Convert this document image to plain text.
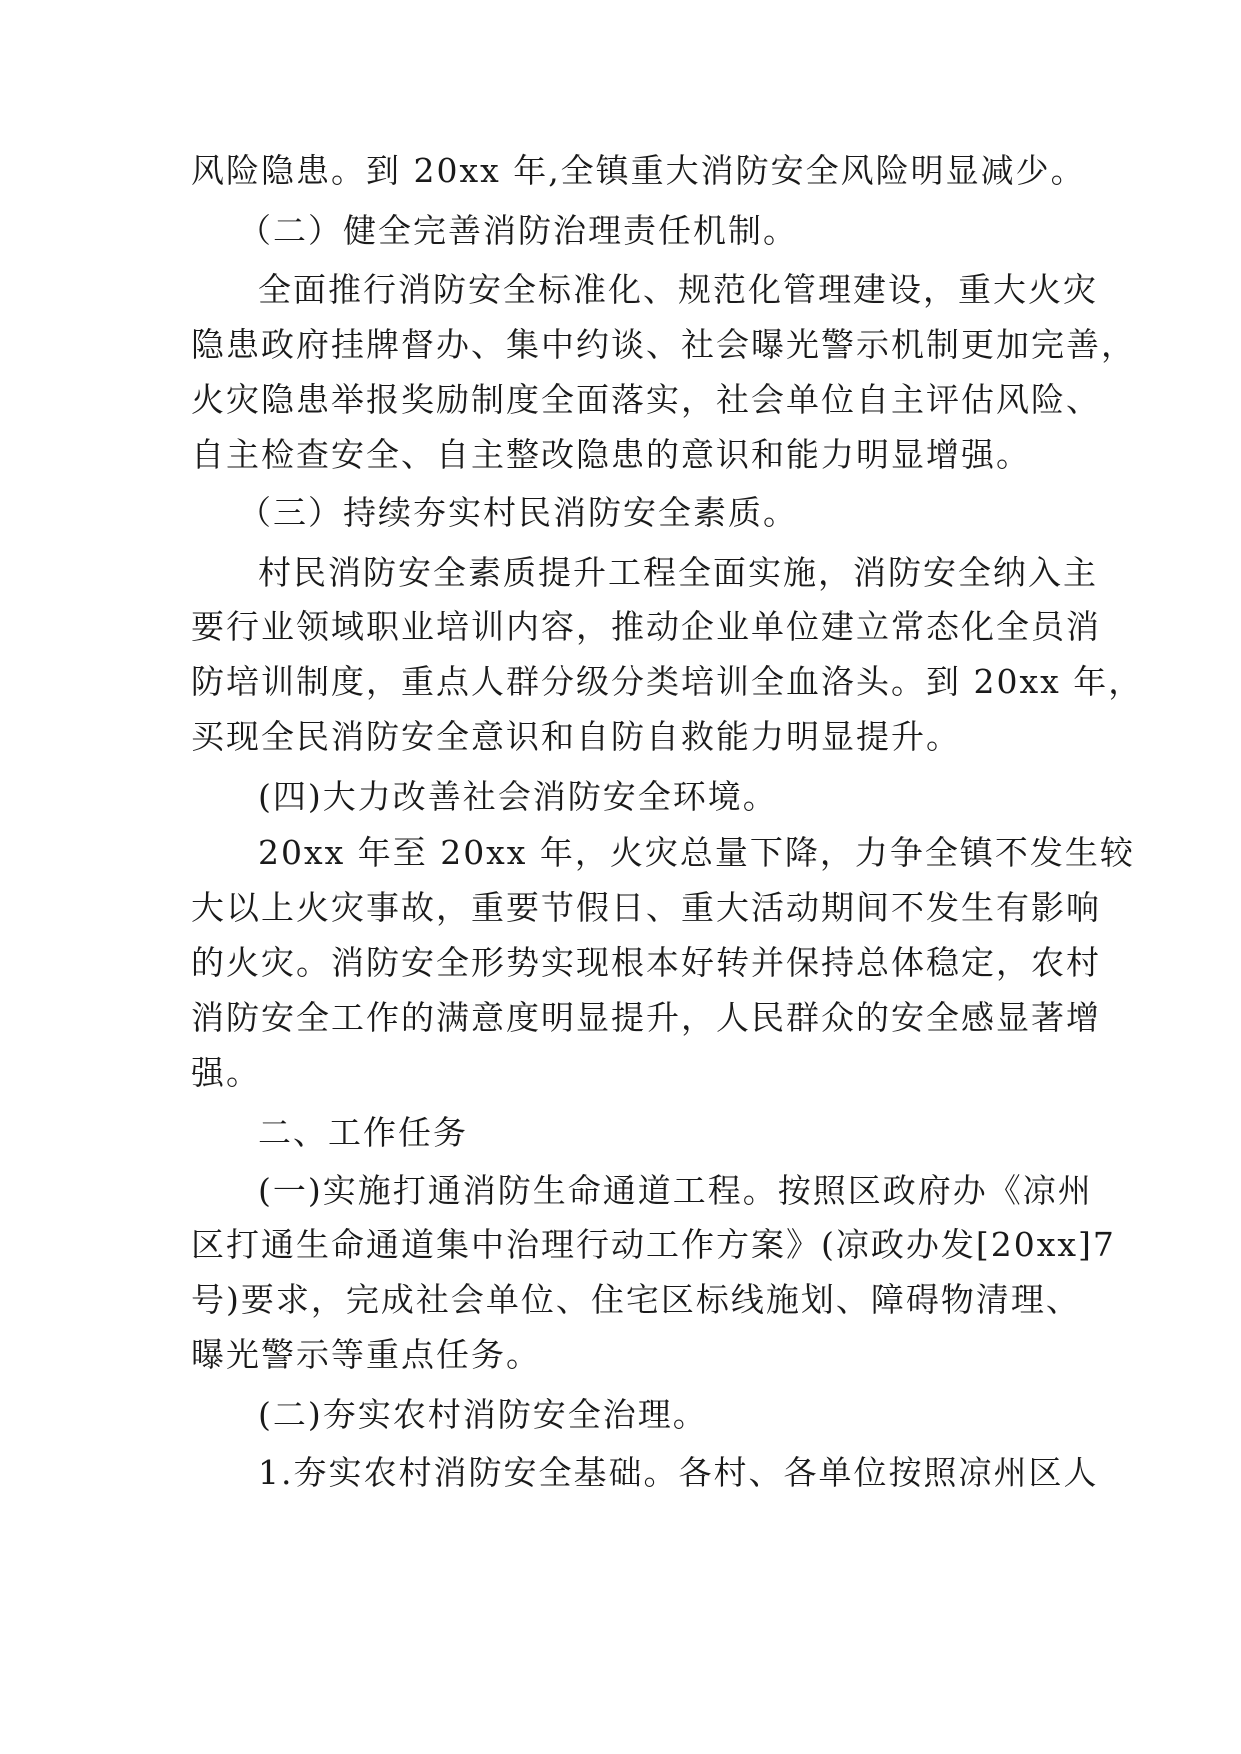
风险隐患。到 20xx 年,全镇重大消防安全风险明显减少。
（二）健全完善消防治理责任机制。
全面推行消防安全标准化、规范化管理建设，重大火灾
隐患政府挂牌督办、集中约谈、社会曝光警示机制更加完善，
火灾隐患举报奖励制度全面落实，社会单位自主评估风险、
自主检查安全、自主整改隐患的意识和能力明显增强。
（三）持续夯实村民消防安全素质。
村民消防安全素质提升工程全面实施，消防安全纳入主
要行业领域职业培训内容，推动企业单位建立常态化全员消
防培训制度，重点人群分级分类培训全血洛头。到 20xx 年，
买现全民消防安全意识和自防自救能力明显提升。
(四)大力改善社会消防安全环境。
20xx 年至 20xx 年，火灾总量下降，力争全镇不发生较
大以上火灾事故，重要节假日、重大活动期间不发生有影响
的火灾。消防安全形势实现根本好转并保持总体稳定，农村
消防安全工作的满意度明显提升，人民群众的安全感显著增
强。
二、工作任务
(一)实施打通消防生命通道工程。按照区政府办《凉州
区打通生命通道集中治理行动工作方案》(凉政办发[20xx]7
号)要求，完成社会单位、住宅区标线施划、障碍物清理、
曝光警示等重点任务。
(二)夯实农村消防安全治理。
1.夯实农村消防安全基础。各村、各单位按照凉州区人
